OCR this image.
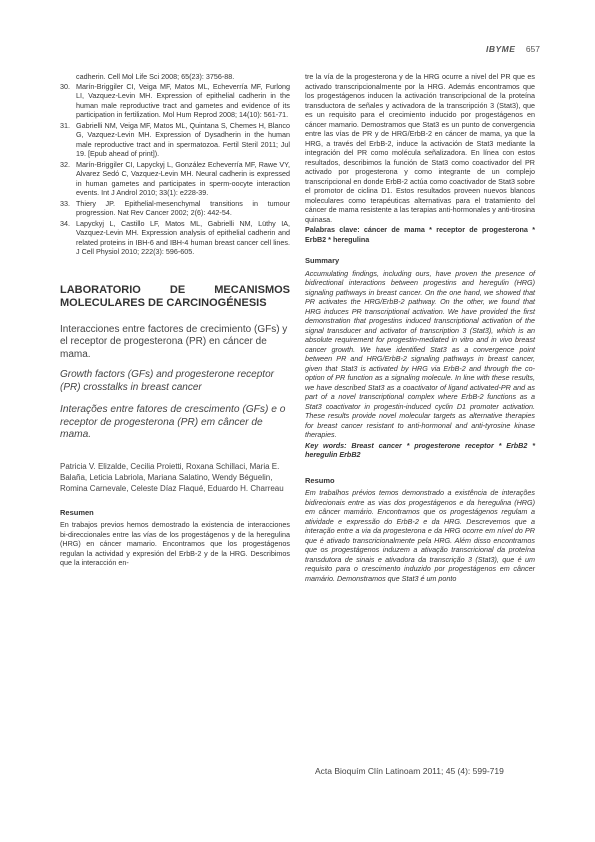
IBYME 657
cadherin. Cell Mol Life Sci 2008; 65(23): 3756-88.
30. Marín-Briggiler CI, Veiga MF, Matos ML, Echeverría MF, Furlong LI, Vazquez-Levin MH. Expression of epithelial cadherin in the human male reproductive tract and gametes and evidence of its participation in fertilization. Mol Hum Reprod 2008; 14(10): 561-71.
31. Gabrielli NM, Veiga MF, Matos ML, Quintana S, Chemes H, Blanco G, Vazquez-Levin MH. Expression of Dysadherin in the human male reproductive tract and in spermatozoa. Fertil Steril 2011; Jul 19. [Epub ahead of print]).
32. Marín-Briggiler CI, Lapyckyj L, González Echeverría MF, Rawe VY, Alvarez Sedó C, Vazquez-Levin MH. Neural cadherin is expressed in human gametes and participates in sperm-oocyte interaction events. Int J Androl 2010; 33(1): e228-39.
33. Thiery JP. Epithelial-mesenchymal transitions in tumour progression. Nat Rev Cancer 2002; 2(6): 442-54.
34. Lapyckyj L, Castillo LF, Matos ML, Gabrielli NM, Lüthy IA, Vazquez-Levin MH. Expression analysis of epithelial cadherin and related proteins in IBH-6 and IBH-4 human breast cancer cell lines. J Cell Physiol 2010; 222(3): 596-605.
LABORATORIO DE MECANISMOS MOLECULARES DE CARCINOGÉNESIS
Interacciones entre factores de crecimiento (GFs) y el receptor de progesterona (PR) en cáncer de mama.
Growth factors (GFs) and progesterone receptor (PR) crosstalks in breast cancer
Interações entre fatores de crescimento (GFs) e o receptor de progesterona (PR) em câncer de mama.
Patricia V. Elizalde, Cecilia Proietti, Roxana Schillaci, Maria E. Balaña, Leticia Labriola, Mariana Salatino, Wendy Béguelin, Romina Carnevale, Celeste Díaz Flaqué, Eduardo H. Charreau
Resumen

En trabajos previos hemos demostrado la existencia de interacciones bi-direccionales entre las vías de los progestágenos y de la heregulina (HRG) en cáncer mamario. Encontramos que los progestágenos regulan la actividad y expresión del ErbB-2 y de la HRG. Describimos que la interacción en-

tre la vía de la progesterona y de la HRG ocurre a nivel del PR que es activado transcripcionalmente por la HRG. Además encontramos que los progestágenos inducen la activación transcripcional de la proteína transductora de señales y activadora de la transcripción 3 (Stat3), que es un requisito para el crecimiento inducido por progestágenos en cáncer mamario. Demostramos que Stat3 es un punto de convergencia entre las vías de PR y de HRG/ErbB-2 en cáncer de mama, ya que la HRG, a través del ErbB-2, induce la activación de Stat3 mediante la integración del PR como molécula señalizadora. En línea con estos resultados, describimos la función de Stat3 como coactivador del PR activado por progesterona y como integrante de un complejo transcripcional en donde ErbB-2 actúa como coactivador de Stat3 sobre el promotor de ciclina D1. Estos resultados proveen nuevos blancos moleculares como terapéuticas alternativas para el tratamiento del cáncer de mama resistente a las terapias anti-hormonales y anti-tirosina quinasa.

Palabras clave: cáncer de mama * receptor de progesterona * ErbB2 * heregulina
Summary

Accumulating findings, including ours, have proven the presence of bidirectional interactions between progestins and heregulin (HRG) signaling pathways in breast cancer. On the one hand, we showed that PR activates the HRG/ErbB-2 pathway. On the other, we found that HRG induces PR transcriptional activation. We have provided the first demonstration that progestins induced transcriptional activation of the signal transducer and activator of transcription 3 (Stat3), which is an absolute requirement for progestin-mediated in vitro and in vivo breast cancer growth. We have identified Stat3 as a convergence point between PR and HRG/ErbB-2 signaling pathways in breast cancer, given that Stat3 is activated by HRG via ErbB-2 and through the co-option of PR function as a signaling molecule. In line with these results, we have described Stat3 as a coactivator of ligand activated-PR and as part of a novel transcriptional complex where ErbB-2 functions as a Stat3 coactivator in progestin-induced cyclin D1 promoter activation. These results provide novel molecular targets as alternative therapies for breast cancer resistant to anti-hormonal and anti-tyrosine kinase therapies.

Key words: Breast cancer * progesterone receptor * ErbB2 * heregulin ErbB2
Resumo

Em trabalhos prévios temos demonstrado a existência de interações bidirecionais entre as vias dos progestágenos e da heregulina (HRG) em câncer mamário. Encontramos que os progestágenos regulam a atividade e expressão do ErbB-2 e da HRG. Descrevemos que a interação entre a via da progesterona e da HRG ocorre em nível do PR que é ativado transcricionalmente pela HRG. Além disso encontramos que os progestágenos induzem a ativação transcricional da proteína transdutora de sinais e ativadora da transcrição 3 (Stat3), que é um requisito para o crescimento induzido por progestágenos em câncer mamário. Demonstramos que Stat3 é um ponto

Acta Bioquím Clín Latinoam 2011; 45 (4): 599-719
